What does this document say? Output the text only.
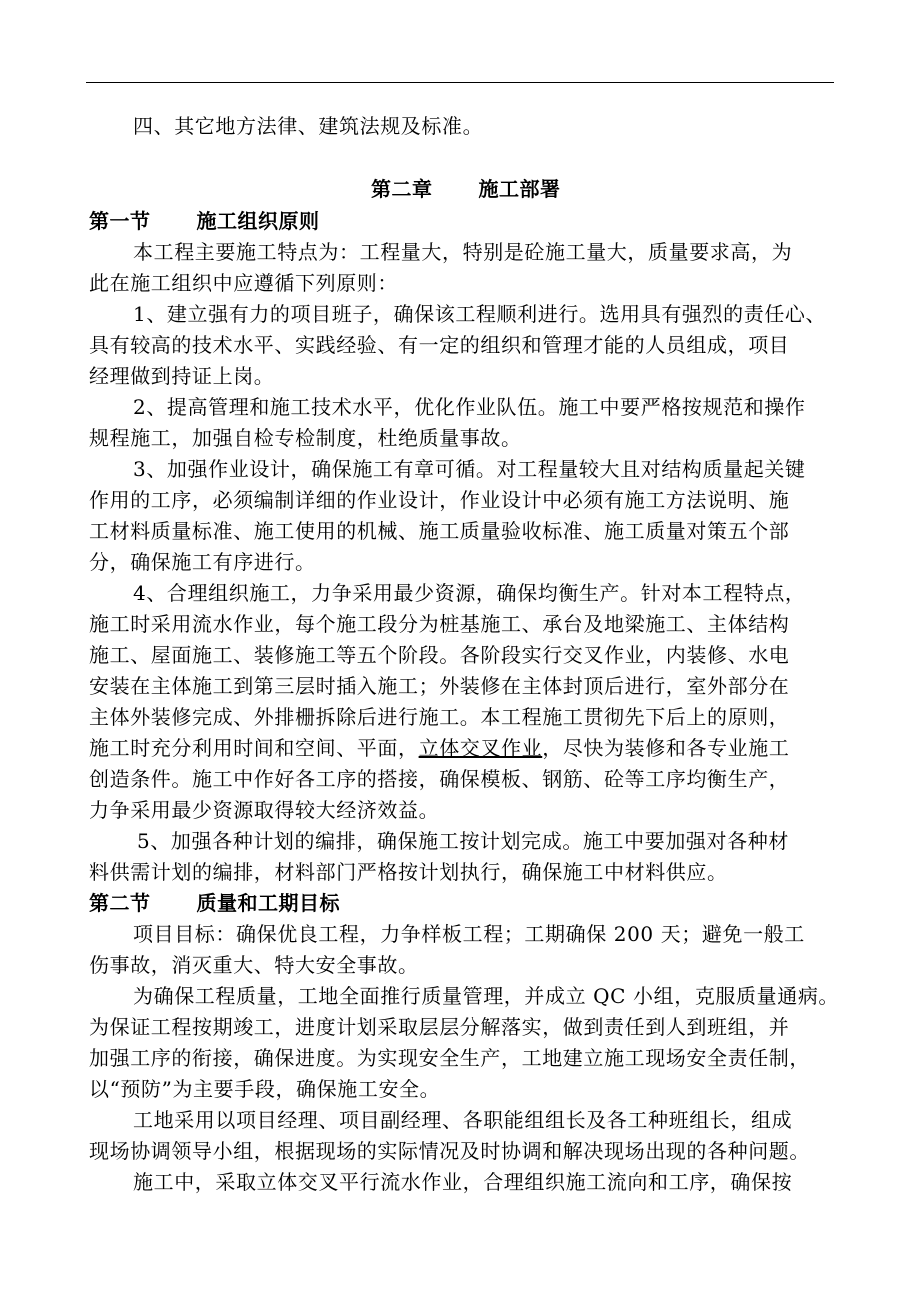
四、其它地方法律、建筑法规及标准。
第二章 施工部署
第一节 施工组织原则
本工程主要施工特点为：工程量大，特别是砼施工量大，质量要求高，为
此在施工组织中应遵循下列原则：
1、建立强有力的项目班子，确保该工程顺利进行。选用具有强烈的责任心、
具有较高的技术水平、实践经验、有一定的组织和管理才能的人员组成，项目
经理做到持证上岗。
2、提高管理和施工技术水平，优化作业队伍。施工中要严格按规范和操作
规程施工，加强自检专检制度，杜绝质量事故。
3、加强作业设计，确保施工有章可循。对工程量较大且对结构质量起关键
作用的工序，必须编制详细的作业设计，作业设计中必须有施工方法说明、施
工材料质量标准、施工使用的机械、施工质量验收标准、施工质量对策五个部
分，确保施工有序进行。
4、合理组织施工，力争采用最少资源，确保均衡生产。针对本工程特点，
施工时采用流水作业，每个施工段分为桩基施工、承台及地梁施工、主体结构
施工、屋面施工、装修施工等五个阶段。各阶段实行交叉作业，内装修、水电
安装在主体施工到第三层时插入施工；外装修在主体封顶后进行，室外部分在
主体外装修完成、外排栅拆除后进行施工。本工程施工贯彻先下后上的原则，
施工时充分利用时间和空间、平面，立体交叉作业，尽快为装修和各专业施工
创造条件。施工中作好各工序的搭接，确保模板、钢筋、砼等工序均衡生产，
力争采用最少资源取得较大经济效益。
5、加强各种计划的编排，确保施工按计划完成。施工中要加强对各种材
料供需计划的编排，材料部门严格按计划执行，确保施工中材料供应。
第二节 质量和工期目标
项目目标：确保优良工程，力争样板工程；工期确保 200 天；避免一般工
伤事故，消灭重大、特大安全事故。
为确保工程质量，工地全面推行质量管理，并成立 QC 小组，克服质量通病。
为保证工程按期竣工，进度计划采取层层分解落实，做到责任到人到班组，并
加强工序的衔接，确保进度。为实现安全生产，工地建立施工现场安全责任制，
以“预防”为主要手段，确保施工安全。
工地采用以项目经理、项目副经理、各职能组组长及各工种班组长，组成
现场协调领导小组，根据现场的实际情况及时协调和解决现场出现的各种问题。
施工中，采取立体交叉平行流水作业，合理组织施工流向和工序，确保按
